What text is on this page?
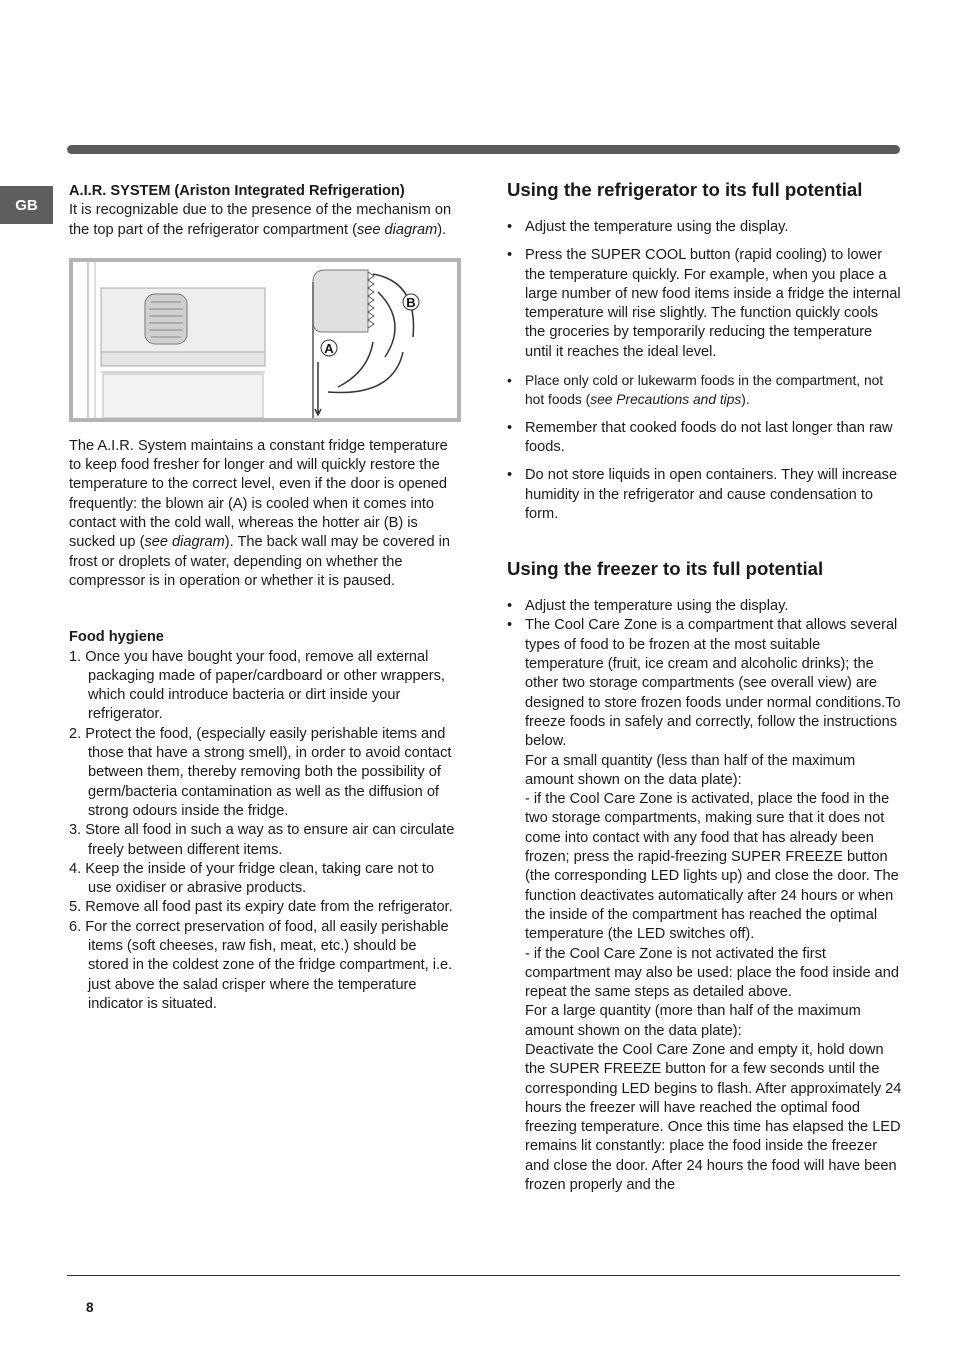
GB

A.I.R. SYSTEM (Ariston Integrated Refrigeration)

It is recognizable due to the presence of the mechanism on the top part of the refrigerator compartment (see diagram).

B
A

The A.I.R. System maintains a constant fridge temperature to keep food fresher for longer and will quickly restore the temperature to the correct level, even if the door is opened frequently: the blown air (A) is cooled when it comes into contact with the cold wall, whereas the hotter air (B) is sucked up (see diagram). The back wall may be covered in frost or droplets of water, depending on whether the compressor is in operation or whether it is paused.

Food hygiene

1. Once you have bought your food, remove all external packaging made of paper/cardboard or other wrappers, which could introduce bacteria or dirt inside your refrigerator.
2. Protect the food, (especially easily perishable items and those that have a strong smell), in order to avoid contact between them, thereby removing both the possibility of germ/bacteria contamination as well as the diffusion of strong odours inside the fridge.
3. Store all food in such a way as to ensure air can circulate freely between different items.
4. Keep the inside of your fridge clean, taking care not to use oxidiser or abrasive products.
5. Remove all food past its expiry date from the refrigerator.
6. For the correct preservation of food, all easily perishable items (soft cheeses, raw fish, meat, etc.) should be stored in the coldest zone of the fridge compartment, i.e. just above the salad crisper where the temperature indicator is situated.
Using the refrigerator to its full potential
• Adjust the temperature using the display.
• Press the SUPER COOL button (rapid cooling) to lower the temperature quickly. For example, when you place a large number of new food items inside a fridge the internal temperature will rise slightly. The function quickly cools the groceries by temporarily reducing the temperature until it reaches the ideal level.
• Place only cold or lukewarm foods in the compartment, not hot foods (see Precautions and tips).
• Remember that cooked foods do not last longer than raw foods.
• Do not store liquids in open containers. They will increase humidity in the refrigerator and cause condensation to form.
Using the freezer to its full potential
• Adjust the temperature using the display.
• The Cool Care Zone is a compartment that allows several types of food to be frozen at the most suitable temperature (fruit, ice cream and alcoholic drinks); the other two storage compartments (see overall view) are designed to store frozen foods under normal conditions.To freeze foods in safely and correctly, follow the instructions below.
For a small quantity (less than half of the maximum amount shown on the data plate):
- if the Cool Care Zone is activated, place the food in the two storage compartments, making sure that it does not come into contact with any food that has already been frozen; press the rapid-freezing SUPER FREEZE button (the corresponding LED lights up) and close the door. The function deactivates automatically after 24 hours or when the inside of the compartment has reached the optimal temperature (the LED switches off).
- if the Cool Care Zone is not activated the first compartment may also be used: place the food inside and repeat the same steps as detailed above.
For a large quantity (more than half of the maximum amount shown on the data plate):
Deactivate the Cool Care Zone and empty it, hold down the SUPER FREEZE button for a few seconds until the corresponding LED begins to flash. After approximately 24 hours the freezer will have reached the optimal food freezing temperature. Once this time has elapsed the LED remains lit constantly: place the food inside the freezer and close the door. After 24 hours the food will have been frozen properly and the
8
